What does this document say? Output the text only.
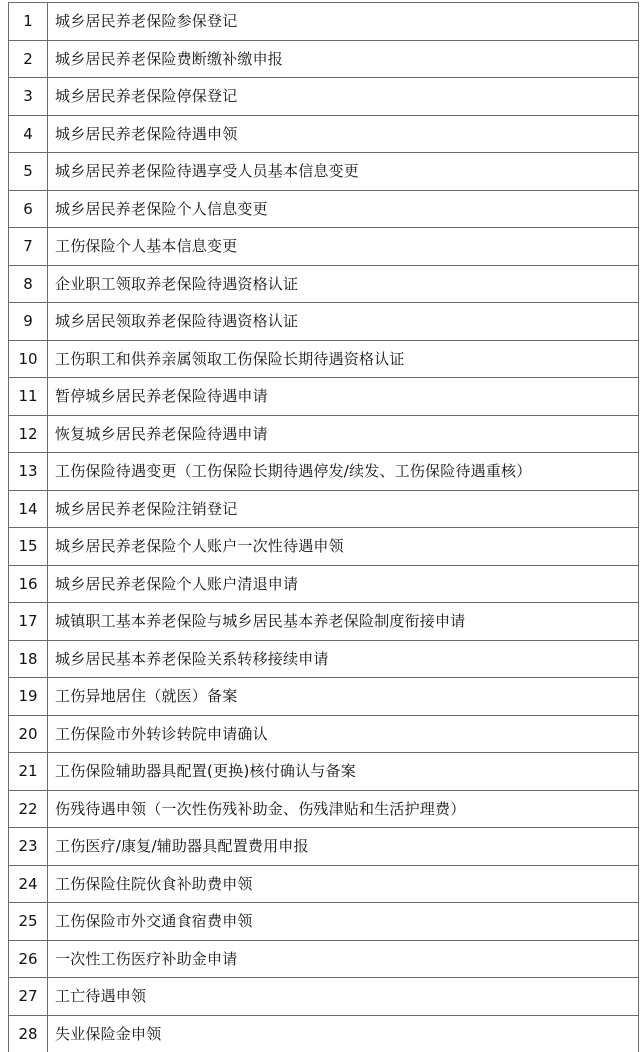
1	城乡居民养老保险参保登记
2	城乡居民养老保险费断缴补缴申报
3	城乡居民养老保险停保登记
4	城乡居民养老保险待遇申领
5	城乡居民养老保险待遇享受人员基本信息变更
6	城乡居民养老保险个人信息变更
7	工伤保险个人基本信息变更
8	企业职工领取养老保险待遇资格认证
9	城乡居民领取养老保险待遇资格认证
10	工伤职工和供养亲属领取工伤保险长期待遇资格认证
11	暂停城乡居民养老保险待遇申请
12	恢复城乡居民养老保险待遇申请
13	工伤保险待遇变更（工伤保险长期待遇停发/续发、工伤保险待遇重核）
14	城乡居民养老保险注销登记
15	城乡居民养老保险个人账户一次性待遇申领
16	城乡居民养老保险个人账户清退申请
17	城镇职工基本养老保险与城乡居民基本养老保险制度衔接申请
18	城乡居民基本养老保险关系转移接续申请
19	工伤异地居住（就医）备案
20	工伤保险市外转诊转院申请确认
21	工伤保险辅助器具配置(更换)核付确认与备案
22	伤残待遇申领（一次性伤残补助金、伤残津贴和生活护理费）
23	工伤医疗/康复/辅助器具配置费用申报
24	工伤保险住院伙食补助费申领
25	工伤保险市外交通食宿费申领
26	一次性工伤医疗补助金申请
27	工亡待遇申领
28	失业保险金申领
